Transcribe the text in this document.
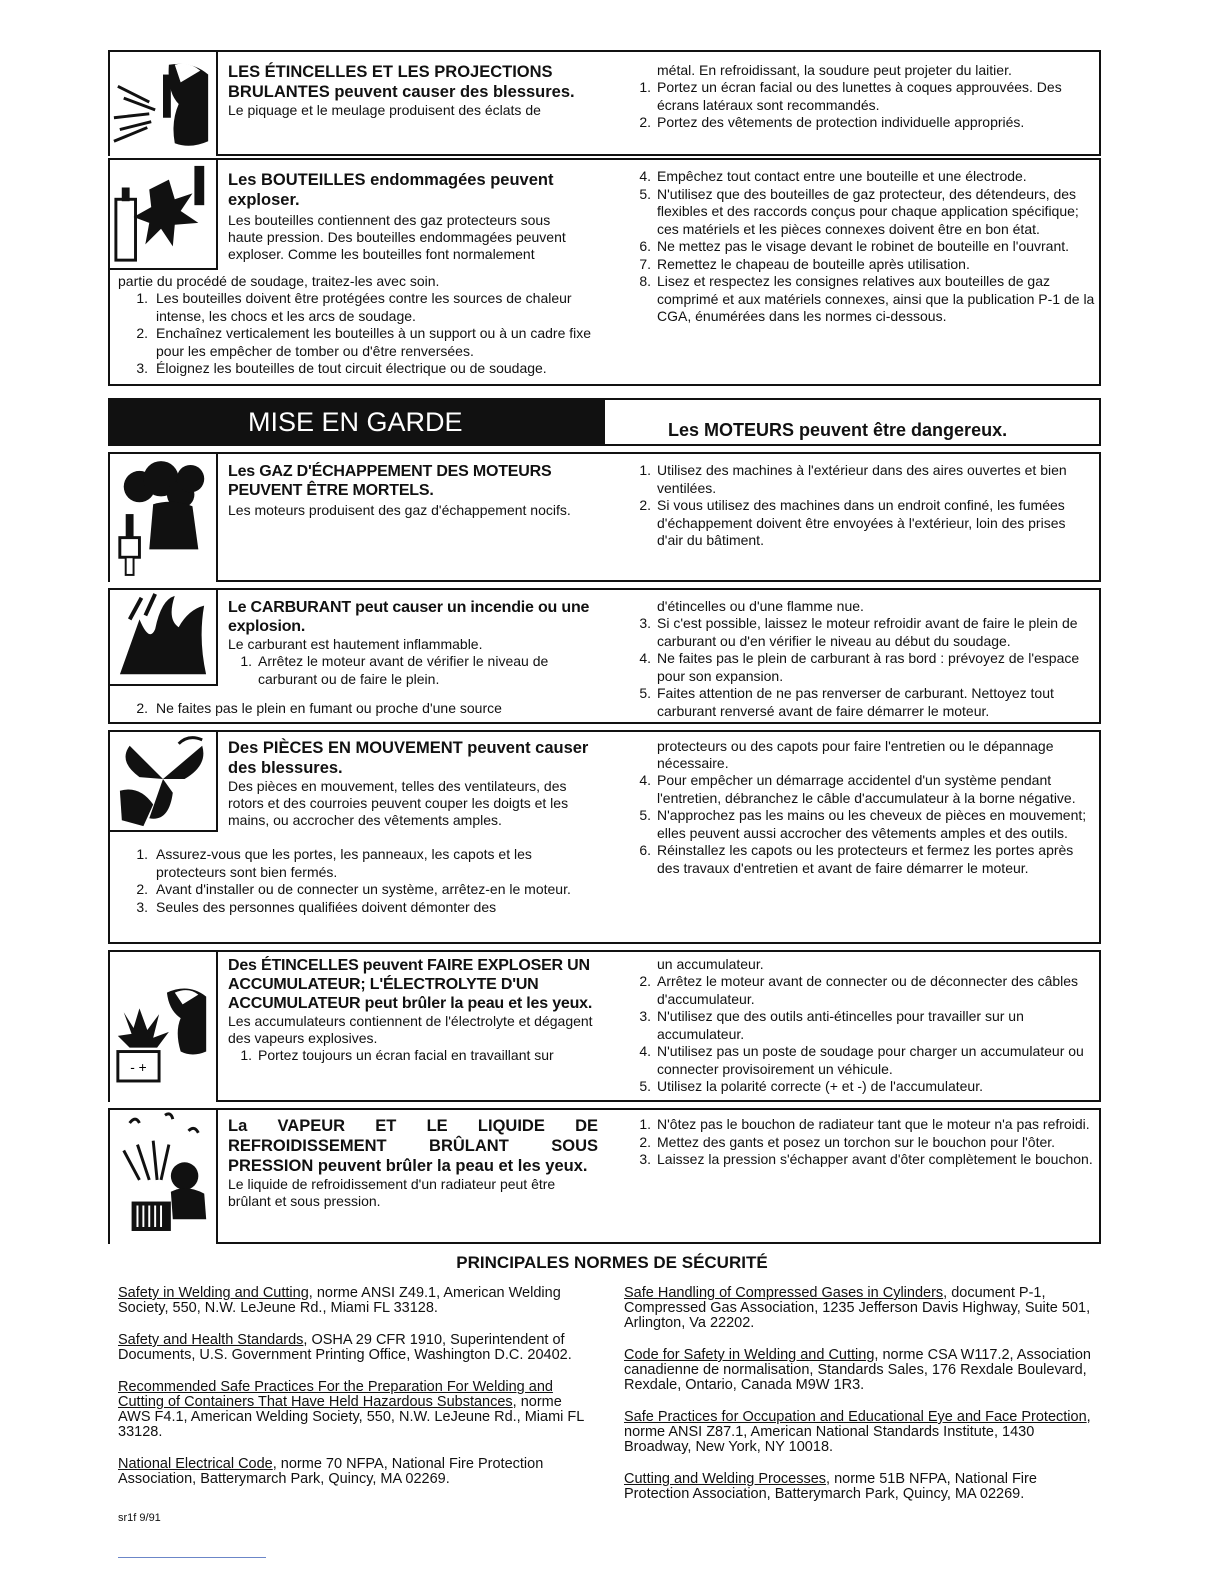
LES ÉTINCELLES ET LES PROJECTIONS BRULANTES peuvent causer des blessures.

Le piquage et le meulage produisent des éclats de

métal. En refroidissant, la soudure peut projeter du laitier.

1. Portez un écran facial ou des lunettes à coques approuvées. Des écrans latéraux sont recommandés.
2. Portez des vêtements de protection individuelle appropriés.

Les BOUTEILLES endommagées peuvent exploser.

Les bouteilles contiennent des gaz protecteurs sous haute pression. Des bouteilles endommagées peuvent exploser. Comme les bouteilles font normalement

partie du procédé de soudage, traitez-les avec soin.

1. Les bouteilles doivent être protégées contre les sources de chaleur intense, les chocs et les arcs de soudage.
2. Enchaînez verticalement les bouteilles à un support ou à un cadre fixe pour les empêcher de tomber ou d'être renversées.
3. Éloignez les bouteilles de tout circuit électrique ou de soudage.
4. Empêchez tout contact entre une bouteille et une électrode.
5. N'utilisez que des bouteilles de gaz protecteur, des détendeurs, des flexibles et des raccords conçus pour chaque application spécifique; ces matériels et les pièces connexes doivent être en bon état.
6. Ne mettez pas le visage devant le robinet de bouteille en l'ouvrant.
7. Remettez le chapeau de bouteille après utilisation.
8. Lisez et respectez les consignes relatives aux bouteilles de gaz comprimé et aux matériels connexes, ainsi que la publication P-1 de la CGA, énumérées dans les normes ci-dessous.
MISE EN GARDE	Les MOTEURS peuvent être dangereux.

Les GAZ D'ÉCHAPPEMENT DES MOTEURS PEUVENT ÊTRE MORTELS.

Les moteurs produisent des gaz d'échappement nocifs.

1. Utilisez des machines à l'extérieur dans des aires ouvertes et bien ventilées.
2. Si vous utilisez des machines dans un endroit confiné, les fumées d'échappement doivent être envoyées à l'extérieur, loin des prises d'air du bâtiment.

Le CARBURANT peut causer un incendie ou une explosion.

Le carburant est hautement inflammable.

1. Arrêtez le moteur avant de vérifier le niveau de carburant ou de faire le plein.
2. Ne faites pas le plein en fumant ou proche d'une source

d'étincelles ou d'une flamme nue.

3. Si c'est possible, laissez le moteur refroidir avant de faire le plein de carburant ou d'en vérifier le niveau au début du soudage.
4. Ne faites pas le plein de carburant à ras bord : prévoyez de l'espace pour son expansion.
5. Faites attention de ne pas renverser de carburant. Nettoyez tout carburant renversé avant de faire démarrer le moteur.

Des PIÈCES EN MOUVEMENT peuvent causer des blessures.

Des pièces en mouvement, telles des ventilateurs, des rotors et des courroies peuvent couper les doigts et les mains, ou accrocher des vêtements amples.

1. Assurez-vous que les portes, les panneaux, les capots et les protecteurs sont bien fermés.
2. Avant d'installer ou de connecter un système, arrêtez-en le moteur.
3. Seules des personnes qualifiées doivent démonter des

protecteurs ou des capots pour faire l'entretien ou le dépannage nécessaire.

4. Pour empêcher un démarrage accidentel d'un système pendant l'entretien, débranchez le câble d'accumulateur à la borne négative.
5. N'approchez pas les mains ou les cheveux de pièces en mouvement; elles peuvent aussi accrocher des vêtements amples et des outils.
6. Réinstallez les capots ou les protecteurs et fermez les portes après des travaux d'entretien et avant de faire démarrer le moteur.
- +

Des ÉTINCELLES peuvent FAIRE EXPLOSER UN ACCUMULATEUR; L'ÉLECTROLYTE D'UN ACCUMULATEUR peut brûler la peau et les yeux.

Les accumulateurs contiennent de l'électrolyte et dégagent des vapeurs explosives.

1. Portez toujours un écran facial en travaillant sur

un accumulateur.

2. Arrêtez le moteur avant de connecter ou de déconnecter des câbles d'accumulateur.
3. N'utilisez que des outils anti-étincelles pour travailler sur un accumulateur.
4. N'utilisez pas un poste de soudage pour charger un accumulateur ou connecter provisoirement un véhicule.
5. Utilisez la polarité correcte (+ et -) de l'accumulateur.

La VAPEUR ET LE LIQUIDE DE REFROIDISSEMENT BRÛLANT SOUS PRESSION peuvent brûler la peau et les yeux.

Le liquide de refroidissement d'un radiateur peut être brûlant et sous pression.

1. N'ôtez pas le bouchon de radiateur tant que le moteur n'a pas refroidi.
2. Mettez des gants et posez un torchon sur le bouchon pour l'ôter.
3. Laissez la pression s'échapper avant d'ôter complètement le bouchon.
PRINCIPALES NORMES DE SÉCURITÉ

Safety in Welding and Cutting, norme ANSI Z49.1, American Welding Society, 550, N.W. LeJeune Rd., Miami FL 33128.

Safety and Health Standards, OSHA 29 CFR 1910, Superintendent of Documents, U.S. Government Printing Office, Washington D.C. 20402.

Recommended Safe Practices For the Preparation For Welding and Cutting of Containers That Have Held Hazardous Substances, norme AWS F4.1, American Welding Society, 550, N.W. LeJeune Rd., Miami FL 33128.

National Electrical Code, norme 70 NFPA, National Fire Protection Association, Batterymarch Park, Quincy, MA 02269.

Safe Handling of Compressed Gases in Cylinders, document P-1, Compressed Gas Association, 1235 Jefferson Davis Highway, Suite 501, Arlington, Va 22202.

Code for Safety in Welding and Cutting, norme CSA W117.2, Association canadienne de normalisation, Standards Sales, 176 Rexdale Boulevard, Rexdale, Ontario, Canada M9W 1R3.

Safe Practices for Occupation and Educational Eye and Face Protection, norme ANSI Z87.1, American National Standards Institute, 1430 Broadway, New York, NY 10018.

Cutting and Welding Processes, norme 51B NFPA, National Fire Protection Association, Batterymarch Park, Quincy, MA 02269.

sr1f 9/91
